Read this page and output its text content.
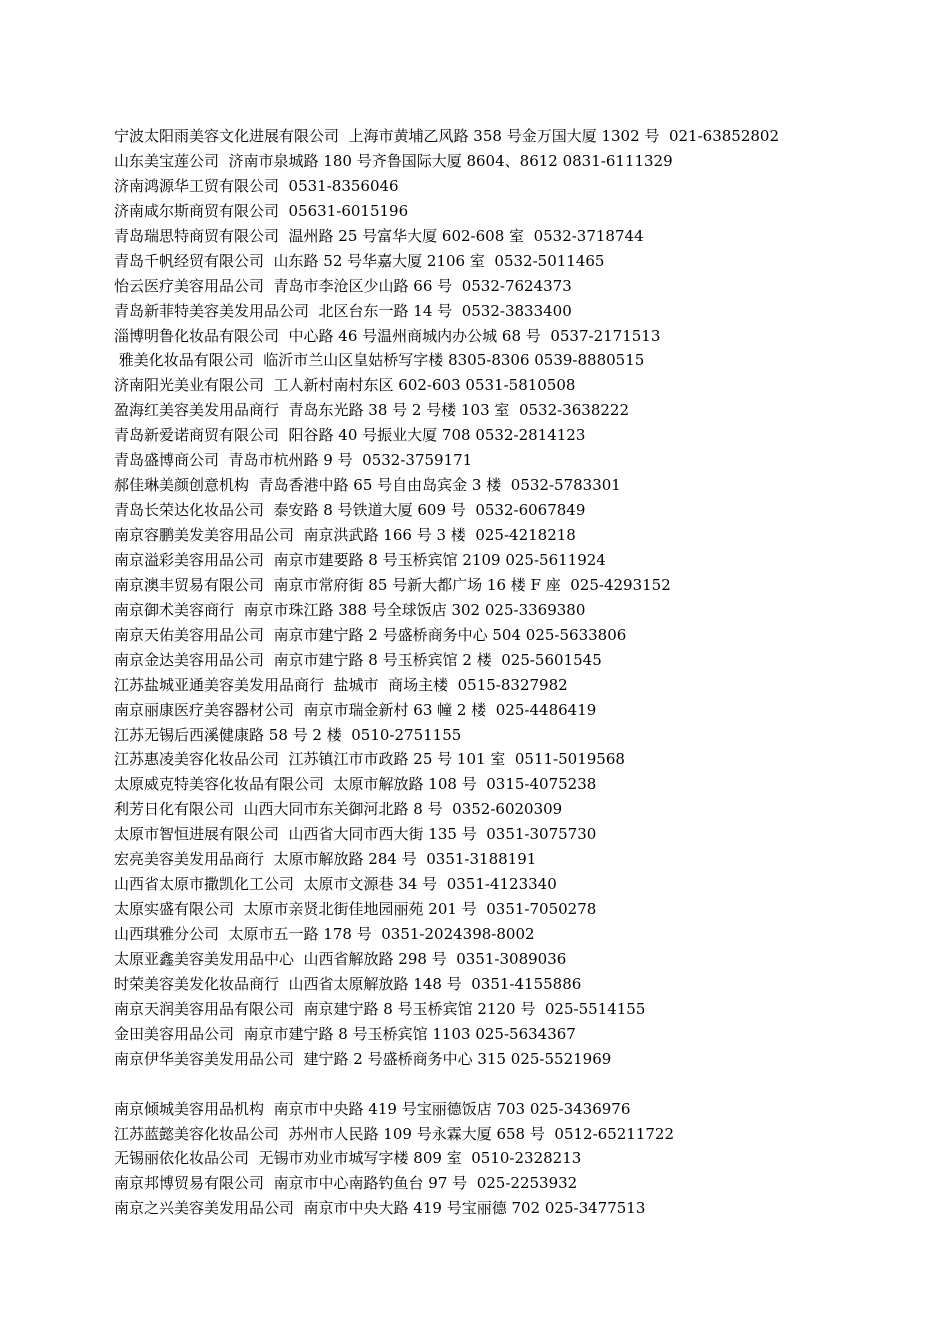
宁波太阳雨美容文化进展有限公司  上海市黄埔乙风路 358 号金万国大厦 1302 号  021-63852802
山东美宝莲公司  济南市泉城路 180 号齐鲁国际大厦 8604、8612 0831-6111329
济南鸿源华工贸有限公司  0531-8356046
济南咸尔斯商贸有限公司  05631-6015196
青岛瑞思特商贸有限公司  温州路 25 号富华大厦 602-608 室  0532-3718744
青岛千帆经贸有限公司  山东路 52 号华嘉大厦 2106 室  0532-5011465
怡云医疗美容用品公司  青岛市李沧区少山路 66 号  0532-7624373
青岛新菲特美容美发用品公司  北区台东一路 14 号  0532-3833400
淄博明鲁化妆品有限公司  中心路 46 号温州商城内办公城 68 号  0537-2171513
雅美化妆品有限公司  临沂市兰山区皇姑桥写字楼 8305-8306 0539-8880515
济南阳光美业有限公司  工人新村南村东区 602-603 0531-5810508
盈海红美容美发用品商行  青岛东光路 38 号 2 号楼 103 室  0532-3638222
青岛新爱诺商贸有限公司  阳谷路 40 号振业大厦 708 0532-2814123
青岛盛博商公司  青岛市杭州路 9 号  0532-3759171
郝佳琳美颜创意机构  青岛香港中路 65 号自由岛宾金 3 楼  0532-5783301
青岛长荣达化妆品公司  泰安路 8 号铁道大厦 609 号  0532-6067849
南京容鹏美发美容用品公司  南京洪武路 166 号 3 楼  025-4218218
南京溢彩美容用品公司  南京市建要路 8 号玉桥宾馆 2109 025-5611924
南京澳丰贸易有限公司  南京市常府街 85 号新大都广场 16 楼 F 座  025-4293152
南京御术美容商行  南京市珠江路 388 号全球饭店 302 025-3369380
南京天佑美容用品公司  南京市建宁路 2 号盛桥商务中心 504 025-5633806
南京金达美容用品公司  南京市建宁路 8 号玉桥宾馆 2 楼  025-5601545
江苏盐城亚通美容美发用品商行  盐城市  商场主楼  0515-8327982
南京丽康医疗美容器材公司  南京市瑞金新村 63 幢 2 楼  025-4486419
江苏无锡后西溪健康路 58 号 2 楼  0510-2751155
江苏惠凌美容化妆品公司  江苏镇江市市政路 25 号 101 室  0511-5019568
太原威克特美容化妆品有限公司  太原市解放路 108 号  0315-4075238
利芳日化有限公司  山西大同市东关御河北路 8 号  0352-6020309
太原市智恒进展有限公司  山西省大同市西大街 135 号  0351-3075730
宏亮美容美发用品商行  太原市解放路 284 号  0351-3188191
山西省太原市撒凯化工公司  太原市文源巷 34 号  0351-4123340
太原实盛有限公司  太原市亲贤北街佳地园丽苑 201 号  0351-7050278
山西琪雅分公司  太原市五一路 178 号  0351-2024398-8002
太原亚鑫美容美发用品中心  山西省解放路 298 号  0351-3089036
时荣美容美发化妆品商行  山西省太原解放路 148 号  0351-4155886
南京天润美容用品有限公司  南京建宁路 8 号玉桥宾馆 2120 号  025-5514155
金田美容用品公司  南京市建宁路 8 号玉桥宾馆 1103 025-5634367
南京伊华美容美发用品公司  建宁路 2 号盛桥商务中心 315 025-5521969
南京倾城美容用品机构  南京市中央路 419 号宝丽德饭店 703 025-3436976
江苏蓝懿美容化妆品公司  苏州市人民路 109 号永霖大厦 658 号  0512-65211722
无锡丽依化妆品公司  无锡市劝业市城写字楼 809 室  0510-2328213
南京邦博贸易有限公司  南京市中心南路钓鱼台 97 号  025-2253932
南京之兴美容美发用品公司  南京市中央大路 419 号宝丽德 702 025-3477513
